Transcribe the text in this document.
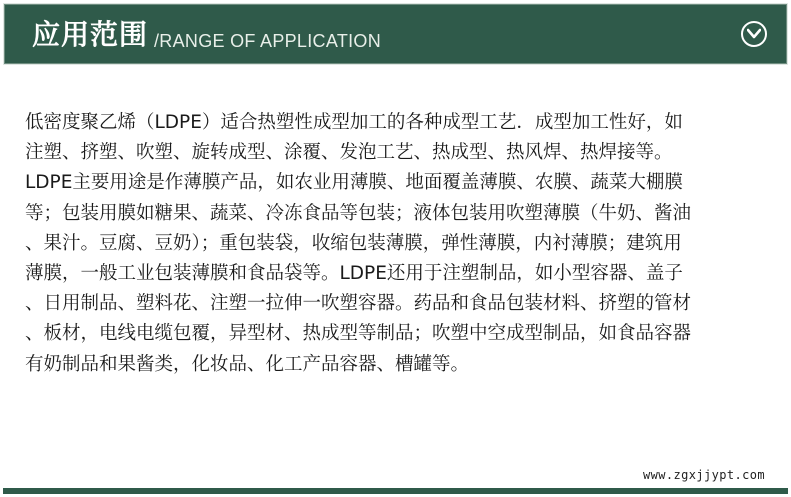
应用范围 /RANGE OF APPLICATION

低密度聚乙烯（LDPE）适合热塑性成型加工的各种成型工艺．成型加工性好，如

注塑、挤塑、吹塑、旋转成型、涂覆、发泡工艺、热成型、热风焊、热焊接等。

LDPE主要用途是作薄膜产品，如农业用薄膜、地面覆盖薄膜、农膜、蔬菜大棚膜

等；包装用膜如糖果、蔬菜、冷冻食品等包装；液体包装用吹塑薄膜（牛奶、酱油

、果汁。豆腐、豆奶）；重包装袋，收缩包装薄膜，弹性薄膜，内衬薄膜；建筑用

薄膜，一般工业包装薄膜和食品袋等。LDPE还用于注塑制品，如小型容器、盖子

、日用制品、塑料花、注塑一拉伸一吹塑容器。药品和食品包装材料、挤塑的管材

、板材，电线电缆包覆，异型材、热成型等制品；吹塑中空成型制品，如食品容器

有奶制品和果酱类，化妆品、化工产品容器、槽罐等。

www.zgxjjypt.com
